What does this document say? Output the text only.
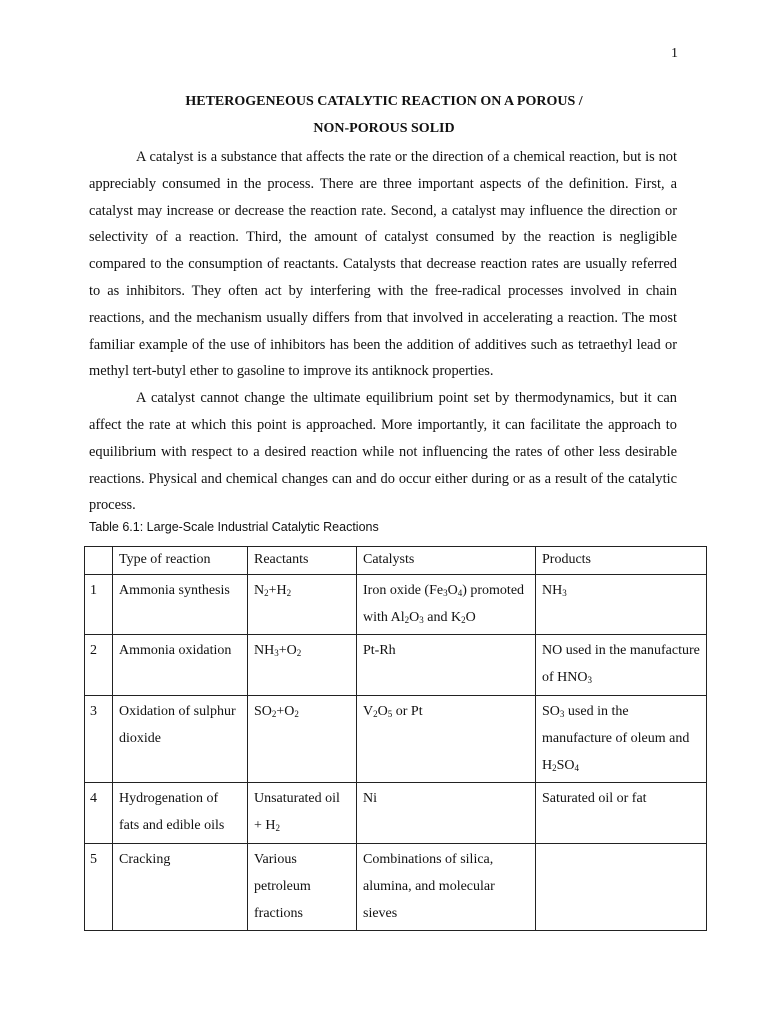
1
HETEROGENEOUS CATALYTIC REACTION ON A POROUS /
NON-POROUS SOLID

A catalyst is a substance that affects the rate or the direction of a chemical reaction, but is not appreciably consumed in the process. There are three important aspects of the definition. First, a catalyst may increase or decrease the reaction rate. Second, a catalyst may influence the direction or selectivity of a reaction. Third, the amount of catalyst consumed by the reaction is negligible compared to the consumption of reactants. Catalysts that decrease reaction rates are usually referred to as inhibitors. They often act by interfering with the free-radical processes involved in chain reactions, and the mechanism usually differs from that involved in accelerating a reaction. The most familiar example of the use of inhibitors has been the addition of additives such as tetraethyl lead or methyl tert-butyl ether to gasoline to improve its antiknock properties.

A catalyst cannot change the ultimate equilibrium point set by thermodynamics, but it can affect the rate at which this point is approached. More importantly, it can facilitate the approach to equilibrium with respect to a desired reaction while not influencing the rates of other less desirable reactions. Physical and chemical changes can and do occur either during or as a result of the catalytic process.

Table 6.1: Large-Scale Industrial Catalytic Reactions
	Type of reaction	Reactants	Catalysts	Products
1	Ammonia synthesis	$N_2+H_2$	Iron oxide $(Fe_3O_4)$ promoted with $Al_2O_3$ and $K_2O$	$NH_3$
2	Ammonia oxidation	$NH_3+O_2$	Pt-Rh	NO used in the manufacture of $HNO_3$
3	Oxidation of sulphur dioxide	$SO_2+O_2$	$V_2O_5$ or Pt	$SO_3$ used in the manufacture of oleum and $H_2SO_4$
4	Hydrogenation of fats and edible oils	Unsaturated oil + $H_2$	Ni	Saturated oil or fat
5	Cracking	Various petroleum fractions	Combinations of silica, alumina, and molecular sieves	
